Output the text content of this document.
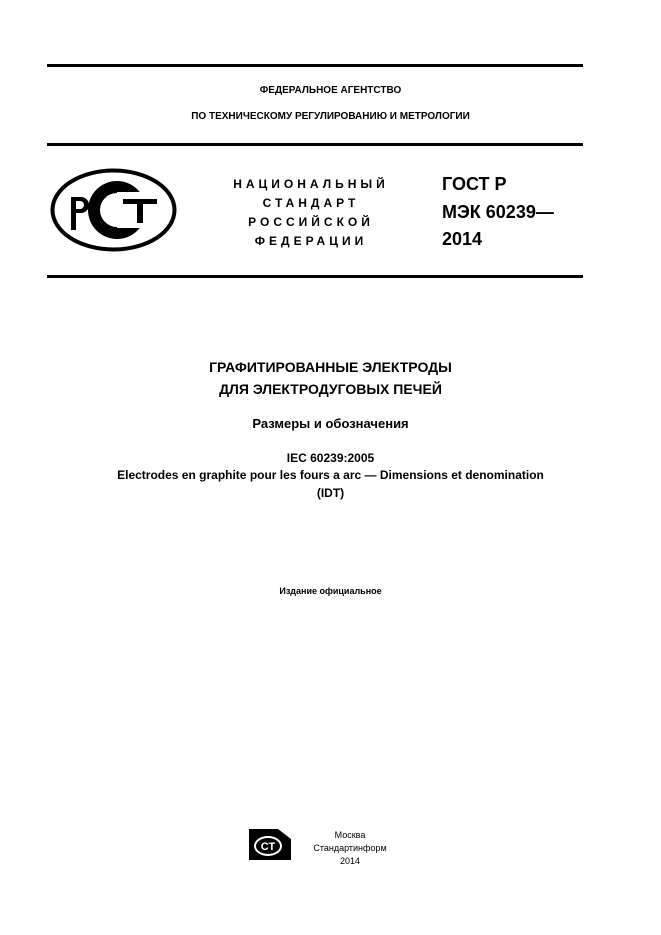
ФЕДЕРАЛЬНОЕ АГЕНТСТВО
ПО ТЕХНИЧЕСКОМУ РЕГУЛИРОВАНИЮ И МЕТРОЛОГИИ
НАЦИОНАЛЬНЫЙ
СТАНДАРТ
РОССИЙСКОЙ
ФЕДЕРАЦИИ
ГОСТ Р
МЭК 60239—
2014
ГРАФИТИРОВАННЫЕ ЭЛЕКТРОДЫ
ДЛЯ ЭЛЕКТРОДУГОВЫХ ПЕЧЕЙ
Размеры и обозначения
IEC 60239:2005
Electrodes en graphite pour les fours a arc — Dimensions et denomination
(IDT)
Издание официальное
СТ
Москва
Стандартинформ
2014
